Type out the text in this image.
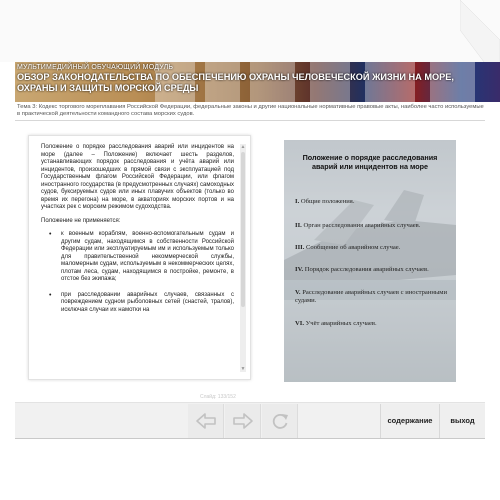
МУЛЬТИМЕДИЙНЫЙ ОБУЧАЮЩИЙ МОДУЛЬ
ОБЗОР ЗАКОНОДАТЕЛЬСТВА ПО ОБЕСПЕЧЕНИЮ ОХРАНЫ ЧЕЛОВЕЧЕСКОЙ ЖИЗНИ НА МОРЕ, ОХРАНЫ И ЗАЩИТЫ МОРСКОЙ СРЕДЫ
Тема 3: Кодекс торгового мореплавания Российской Федерации, федеральные законы и другие национальные нормативные правовые акты, наиболее часто используемые в практической деятельности командного состава морских судов.

Положение о порядке расследования аварий или инцидентов на море (далее – Положение) включает шесть разделов, устанавливающих порядок расследования и учёта аварий или инцидентов, произошедших в прямой связи с эксплуатацией под Государственным флагом Российской Федерации, или флагом иностранного государства (в предусмотренных случаях) самоходных судов, буксируемых судов или иных плавучих объектов (только во время их перегона) на море, в акваториях морских портов и на участках рек с морским режимом судоходства.

Положение не применяется:

• к военным кораблям, военно-вспомогательным судам и другим судам, находящимся в собственности Российской Федерации или эксплуатируемым им и используемым только для правительственной некоммерческой службы, маломерным судам, используемым в некоммерческих целях, плотам леса, судам, находящимся в постройке, ремонте, в отстое без экипажа;
• при расследовании аварийных случаев, связанных с повреждением судном рыболовных сетей (снастей, тралов), исключая случаи их намотки на
▲
▼
Положение о порядке расследования аварий или инцидентов на море
I. Общие положения.
II. Орган расследования аварийных случаев.
III. Сообщение об аварийном случае.
IV. Порядок расследования аварийных случаев.
V. Расследование аварийных случаев с иностранными судами.
VI. Учёт аварийных случаев.
Слайд: 133/152
содержание	выход
